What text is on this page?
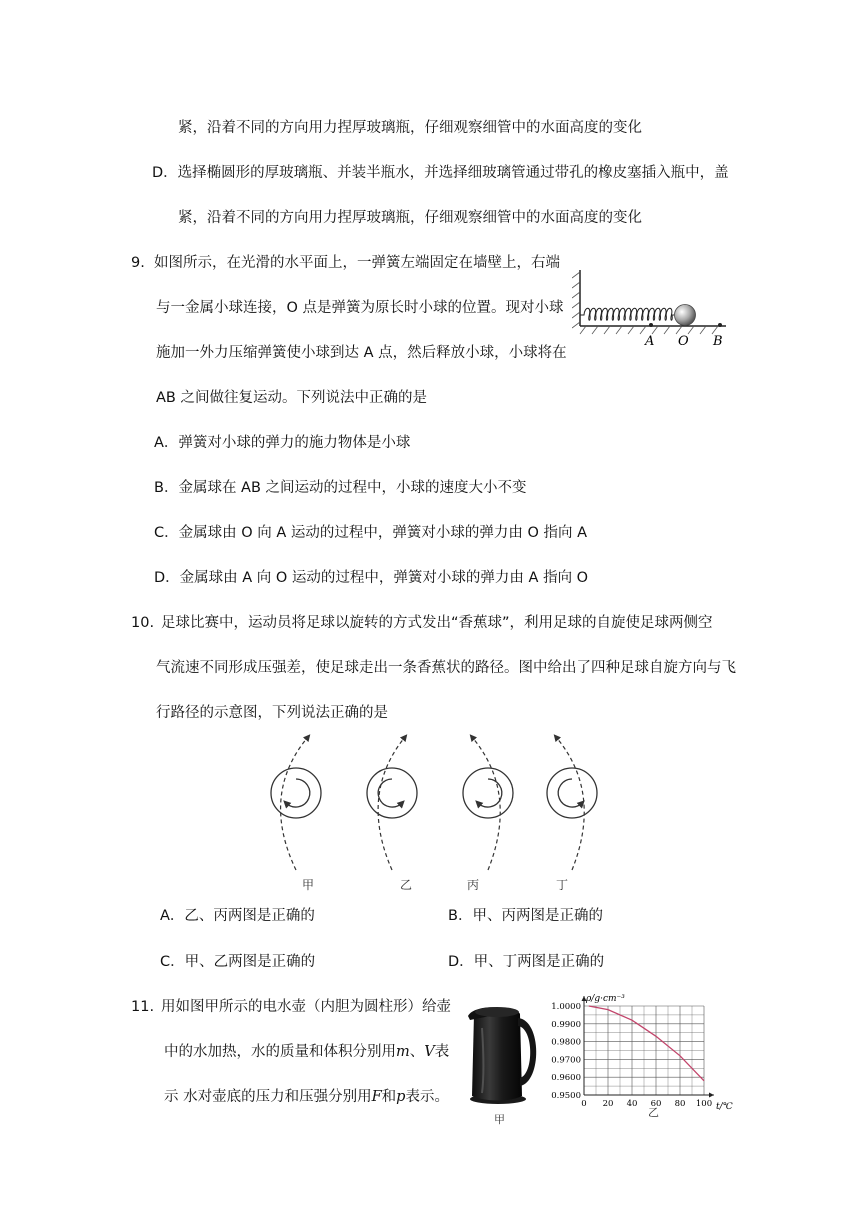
紧，沿着不同的方向用力捏厚玻璃瓶，仔细观察细管中的水面高度的变化
D．选择椭圆形的厚玻璃瓶、并装半瓶水，并选择细玻璃管通过带孔的橡皮塞插入瓶中，盖
紧，沿着不同的方向用力捏厚玻璃瓶，仔细观察细管中的水面高度的变化
9. 如图所示，在光滑的水平面上，一弹簧左端固定在墙壁上，右端
与一金属小球连接，O 点是弹簧为原长时小球的位置。现对小球
施加一外力压缩弹簧使小球到达 A 点，然后释放小球，小球将在
AB 之间做往复运动。下列说法中正确的是
A O B
A．弹簧对小球的弹力的施力物体是小球
B．金属球在 AB 之间运动的过程中，小球的速度大小不变
C．金属球由 O 向 A 运动的过程中，弹簧对小球的弹力由 O 指向 A
D．金属球由 A 向 O 运动的过程中，弹簧对小球的弹力由 A 指向 O
10. 足球比赛中，运动员将足球以旋转的方式发出“香蕉球”，利用足球的自旋使足球两侧空
气流速不同形成压强差，使足球走出一条香蕉状的路径。图中给出了四种足球自旋方向与飞
行路径的示意图，下列说法正确的是
甲	乙	丙	丁
A．乙、丙两图是正确的	B．甲、丙两图是正确的
C．甲、乙两图是正确的	D．甲、丁两图是正确的
11. 用如图甲所示的电水壶（内胆为圆柱形）给壶
中的水加热，水的质量和体积分别用m、V表
示 水对壶底的压力和压强分别用F和p表示。
甲
1.0000
0.9900
0.9800
0.9700
0.9600
0.9500
0 20 40 60 80 100
ρ/g·cm⁻³
t/℃
乙
